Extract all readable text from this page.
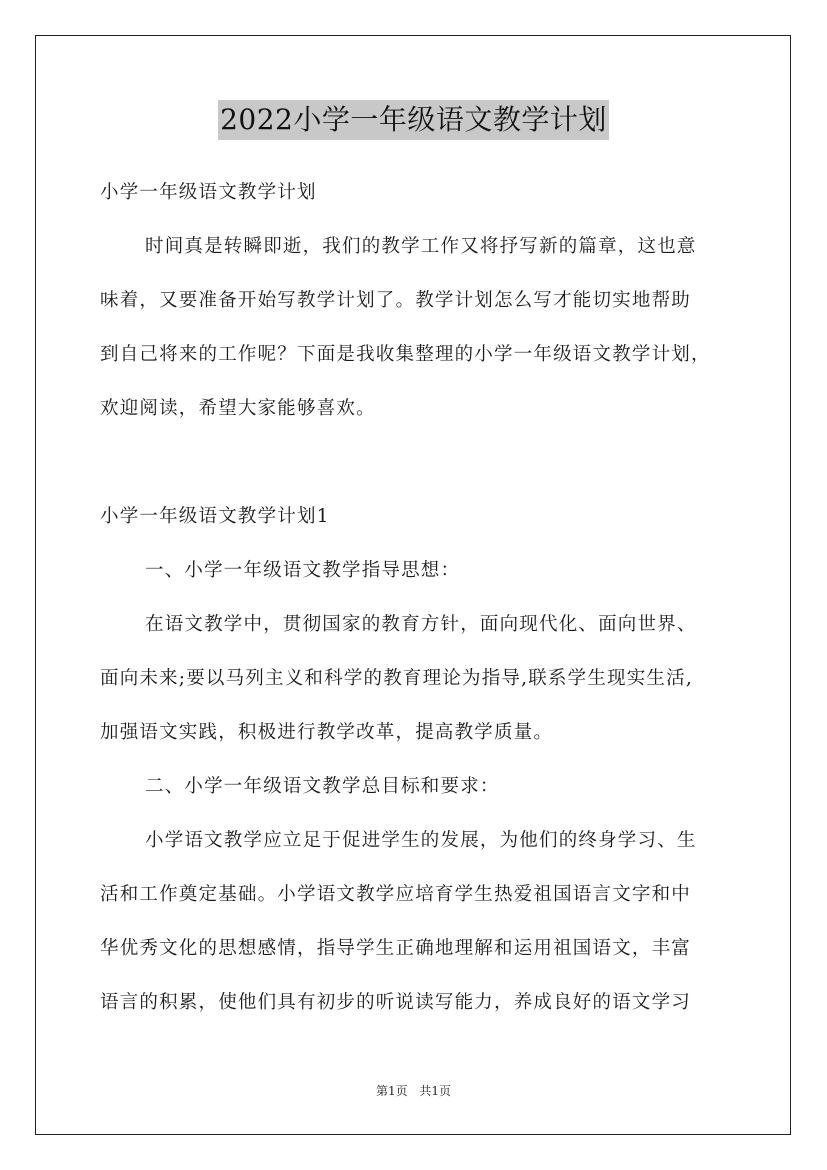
2022小学一年级语文教学计划
小学一年级语文教学计划
时间真是转瞬即逝，我们的教学工作又将抒写新的篇章，这也意
味着，又要准备开始写教学计划了。教学计划怎么写才能切实地帮助
到自己将来的工作呢？下面是我收集整理的小学一年级语文教学计划，
欢迎阅读，希望大家能够喜欢。
小学一年级语文教学计划1
一、小学一年级语文教学指导思想：
在语文教学中，贯彻国家的教育方针，面向现代化、面向世界、
面向未来;要以马列主义和科学的教育理论为指导,联系学生现实生活,
加强语文实践，积极进行教学改革，提高教学质量。
二、小学一年级语文教学总目标和要求：
小学语文教学应立足于促进学生的发展，为他们的终身学习、生
活和工作奠定基础。小学语文教学应培育学生热爱祖国语言文字和中
华优秀文化的思想感情，指导学生正确地理解和运用祖国语文，丰富
语言的积累，使他们具有初步的听说读写能力，养成良好的语文学习
第1页 共1页
